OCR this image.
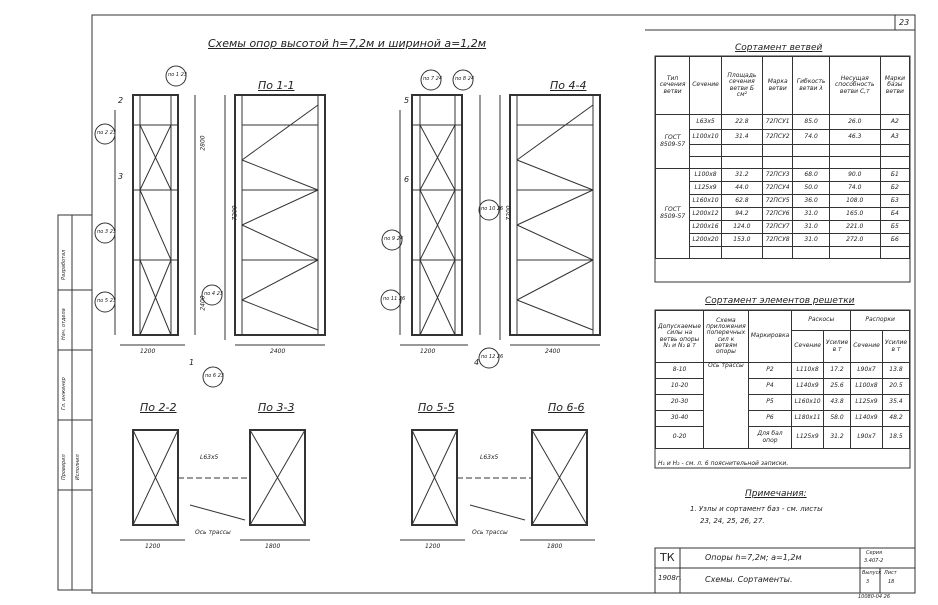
23
Схемы опор высотой h=7,2м и шириной a=1,2м
По 1-1	По 4-4
По 2-2	По 3-3	По 5-5	По 6-6
2
3
1
5
6
4
по 1 23
по 2 23
по 3 23
по 5 23
по 4 23
по 6 23
по 7 24	по 8 24
по 9 24
по 10 26
по 11 26
по 12 26
1200	2400	1200	2400
7200	7200
2800
2400
L63x5	L63x5
Ось трассы	Ось трассы
1200	1800	1200	1800
Сортамент ветвей
Тип сечения ветви	Сечение	Площадь сечения ветви Б см²	Марка ветви	Гибкость ветви λ	Несущая способность ветви С,т	Марки базы ветви
ГОСТ 8509-57	L63x5	22.8	72ПСУ1	85.0	26.0	А2
	L100x10	31.4	72ПСУ2	74.0	46.3	А3

ГОСТ 8509-57	L100x8	31.2	72ПСУ3	68.0	90.0	Б1
	L125x9	44.0	72ПСУ4	50.0	74.0	Б2
	L160x10	62.8	72ПСУ5	36.0	108.0	Б3
	L200x12	94.2	72ПСУ6	31.0	165.0	Б4
	L200x16	124.0	72ПСУ7	31.0	221.0	Б5
	L200x20	153.0	72ПСУ8	31.0	272.0	Б6

Сортамент элементов решетки
Допускаемые силы на ветвь опоры N₁ и N₂ в т	Схема приложения поперечных сил к ветвям опоры	Маркировка	Раскосы		Распорки	
			Сечение	Усилие в т	Сечение	Усилие в т
8-10	Ось трассы	P2	L110x8	17.2	L90x7	13.8
10-20		P4	L140x9	25.6	L100x8	20.5
20-30		P5	L160x10	43.8	L125x9	35.4
30-40		P6	L180x11	58.0	L140x9	48.2
0-20		Для бал опор	L125x9	31.2	L90x7	18.5
H₁ и H₂ - см. л. 6 пояснительной записки.
Примечания:
1. Узлы и сортамент баз - см. листы
23, 24, 25, 26, 27.
ТК
1908г.
Опоры h=7,2м; a=1,2м
Схемы. Сортаменты.
Серия
3.407-2
Выпуск
3
Лист
18
10080-04 26
Разработал
Нач. отдела
Гл. инженер
Проверил Исполнил
